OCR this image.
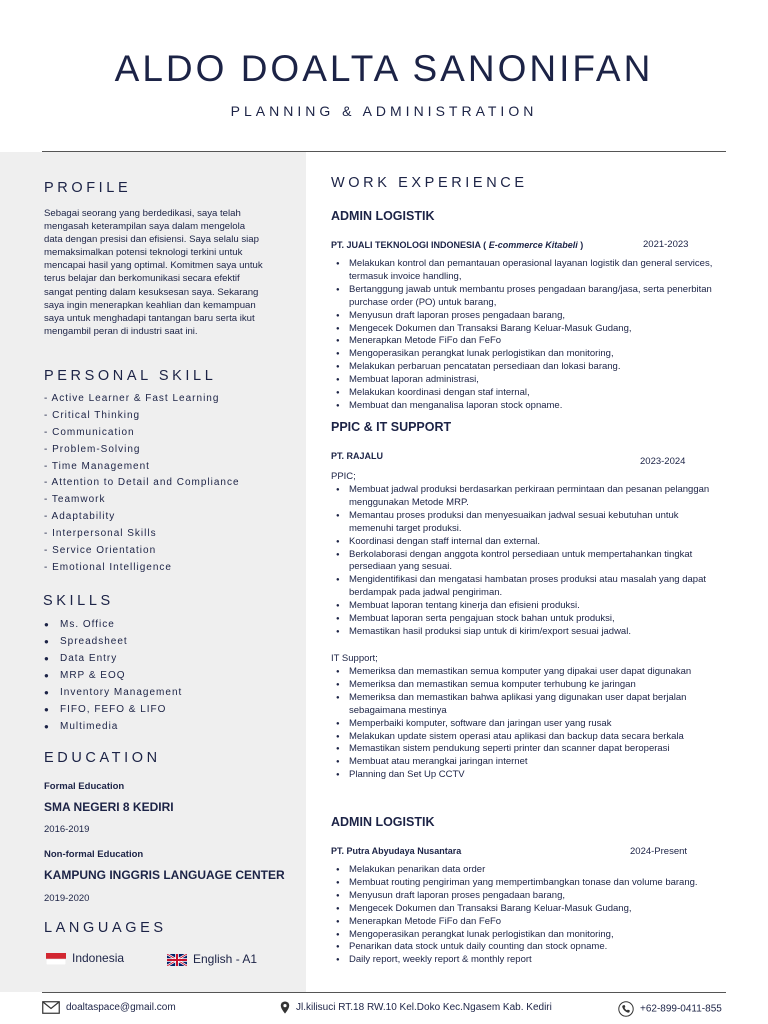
ALDO DOALTA SANONIFAN
PLANNING & ADMINISTRATION
PROFILE
Sebagai seorang yang berdedikasi, saya telah mengasah keterampilan saya dalam mengelola data dengan presisi dan efisiensi. Saya selalu siap memaksimalkan potensi teknologi terkini untuk mencapai hasil yang optimal. Komitmen saya untuk terus belajar dan berkomunikasi secara efektif sangat penting dalam kesuksesan saya. Sekarang saya ingin menerapkan keahlian dan kemampuan saya untuk menghadapi tantangan baru serta ikut mengambil peran di industri saat ini.
PERSONAL SKILL
- Active Learner & Fast Learning
- Critical Thinking
- Communication
- Problem-Solving
- Time Management
- Attention to Detail and Compliance
- Teamwork
- Adaptability
- Interpersonal Skills
- Service Orientation
- Emotional Intelligence
SKILLS
● Ms. Office
● Spreadsheet
● Data Entry
● MRP & EOQ
● Inventory Management
● FIFO, FEFO & LIFO
● Multimedia
EDUCATION
Formal Education
SMA NEGERI 8 KEDIRI
2016-2019
Non-formal Education
KAMPUNG INGGRIS LANGUAGE CENTER
2019-2020
LANGUAGES
Indonesia	English - A1
WORK EXPERIENCE
ADMIN LOGISTIK
PT. JUALI TEKNOLOGI INDONESIA ( E-commerce Kitabeli )	2021-2023
● Melakukan kontrol dan pemantauan operasional layanan logistik dan general services, termasuk invoice handling,
● Bertanggung jawab untuk membantu proses pengadaan barang/jasa, serta penerbitan purchase order (PO) untuk barang,
● Menyusun draft laporan proses pengadaan barang,
● Mengecek Dokumen dan Transaksi Barang Keluar-Masuk Gudang,
● Menerapkan Metode FiFo dan FeFo
● Mengoperasikan perangkat lunak perlogistikan dan monitoring,
● Melakukan perbaruan pencatatan persediaan dan lokasi barang.
● Membuat laporan administrasi,
● Melakukan koordinasi dengan staf internal,
● Membuat dan menganalisa laporan stock opname.
PPIC & IT SUPPORT
PT. RAJALU	2023-2024
PPIC;
● Membuat jadwal produksi berdasarkan perkiraan permintaan dan pesanan pelanggan menggunakan Metode MRP.
● Memantau proses produksi dan menyesuaikan jadwal sesuai kebutuhan untuk memenuhi target produksi.
● Koordinasi dengan staff internal dan external.
● Berkolaborasi dengan anggota kontrol persediaan untuk mempertahankan tingkat persediaan yang sesuai.
● Mengidentifikasi dan mengatasi hambatan proses produksi atau masalah yang dapat berdampak pada jadwal pengiriman.
● Membuat laporan tentang kinerja dan efisieni produksi.
● Membuat laporan serta pengajuan stock bahan untuk produksi,
● Memastikan hasil produksi siap untuk di kirim/export sesuai jadwal.
IT Support;
● Memeriksa dan memastikan semua komputer yang dipakai user dapat digunakan
● Memeriksa dan memastikan semua komputer terhubung ke jaringan
● Memeriksa dan memastikan bahwa aplikasi yang digunakan user dapat berjalan sebagaimana mestinya
● Memperbaiki komputer, software dan jaringan user yang rusak
● Melakukan update sistem operasi atau aplikasi dan backup data secara berkala
● Memastikan sistem pendukung seperti printer dan scanner dapat beroperasi
● Membuat atau merangkai jaringan internet
● Planning dan Set Up CCTV
ADMIN LOGISTIK
PT. Putra Abyudaya Nusantara	2024-Present
● Melakukan penarikan data order
● Membuat routing pengiriman yang mempertimbangkan tonase dan volume barang.
● Menyusun draft laporan proses pengadaan barang,
● Mengecek Dokumen dan Transaksi Barang Keluar-Masuk Gudang,
● Menerapkan Metode FiFo dan FeFo
● Mengoperasikan perangkat lunak perlogistikan dan monitoring,
● Penarikan data stock untuk daily counting dan stock opname.
● Daily report, weekly report & monthly report
doaltaspace@gmail.com	Jl.kilisuci RT.18 RW.10 Kel.Doko Kec.Ngasem Kab. Kediri	+62-899-0411-855
